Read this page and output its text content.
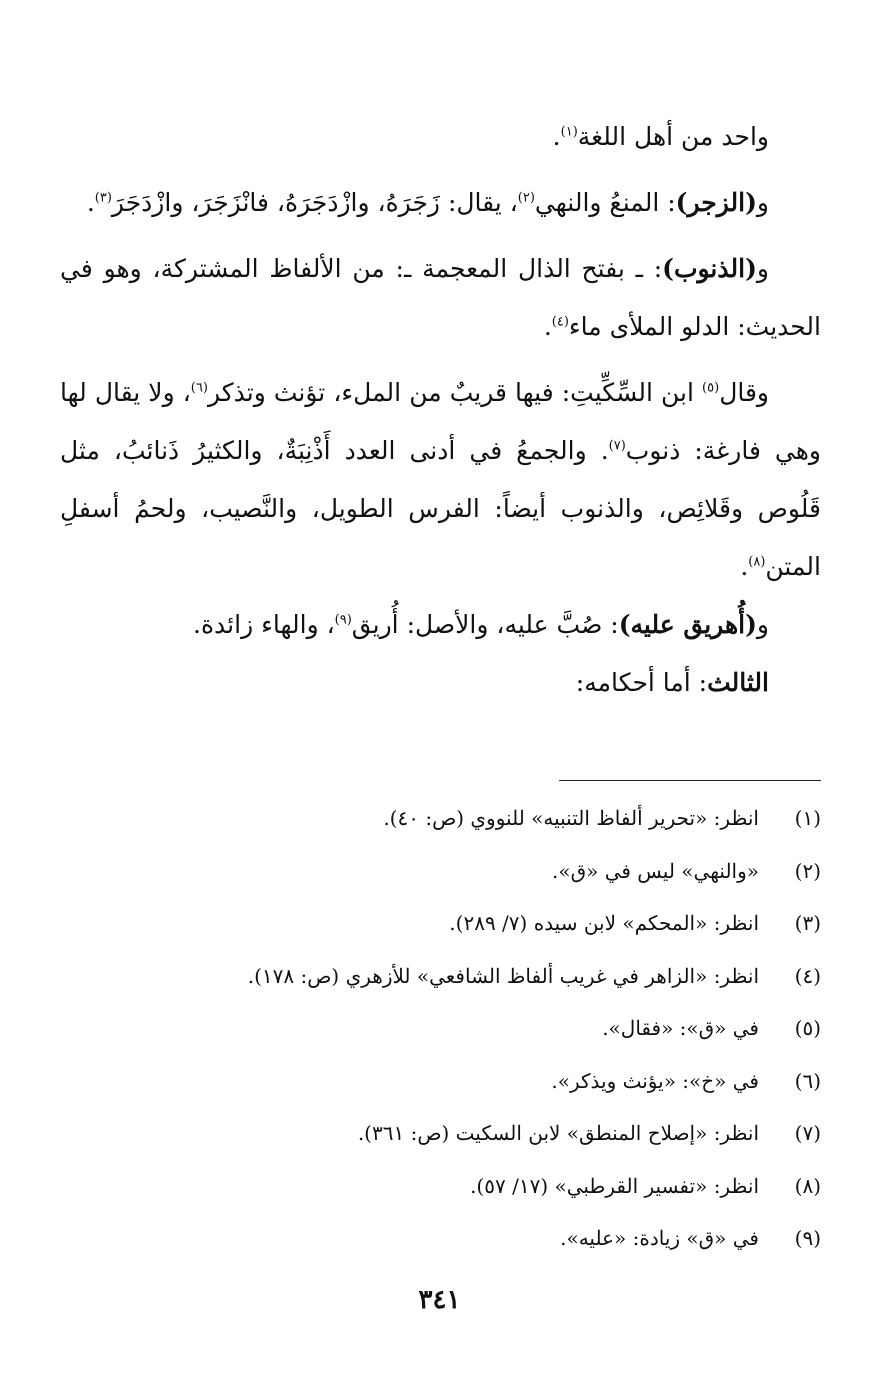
واحد من أهل اللغة$^{(١)}$.

و(الزجر): المنعُ والنهي$^{(٢)}$، يقال: زَجَرَهُ، وازْدَجَرَهُ، فانْزَجَرَ، وازْدَجَرَ$^{(٣)}$.

و(الذنوب): ـ بفتح الذال المعجمة ـ: من الألفاظ المشتركة، وهو في الحديث: الدلو الملأى ماء$^{(٤)}$.

وقال$^{(٥)}$ ابن السِّكِّيتِ: فيها قريبٌ من الملء، تؤنث وتذكر$^{(٦)}$، ولا يقال لها وهي فارغة: ذنوب$^{(٧)}$. والجمعُ في أدنى العدد أَذْنِبَةٌ، والكثيرُ ذَنائبُ، مثل قَلُوص وقَلائِص، والذنوب أيضاً: الفرس الطويل، والنَّصيب، ولحمُ أسفلِ المتن$^{(٨)}$.

و(أُهريق عليه): صُبَّ عليه، والأصل: أُريق$^{(٩)}$، والهاء زائدة.

الثالث: أما أحكامه:

(١)
انظر: «تحرير ألفاظ التنبيه» للنووي (ص: ٤٠).
(٢)
«والنهي» ليس في «ق».
(٣)
انظر: «المحكم» لابن سيده (٧/ ٢٨٩).
(٤)
انظر: «الزاهر في غريب ألفاظ الشافعي» للأزهري (ص: ١٧٨).
(٥)
في «ق»: «فقال».
(٦)
في «خ»: «يؤنث ويذكر».
(٧)
انظر: «إصلاح المنطق» لابن السكيت (ص: ٣٦١).
(٨)
انظر: «تفسير القرطبي» (١٧/ ٥٧).
(٩)
في «ق» زيادة: «عليه».
٣٤١
